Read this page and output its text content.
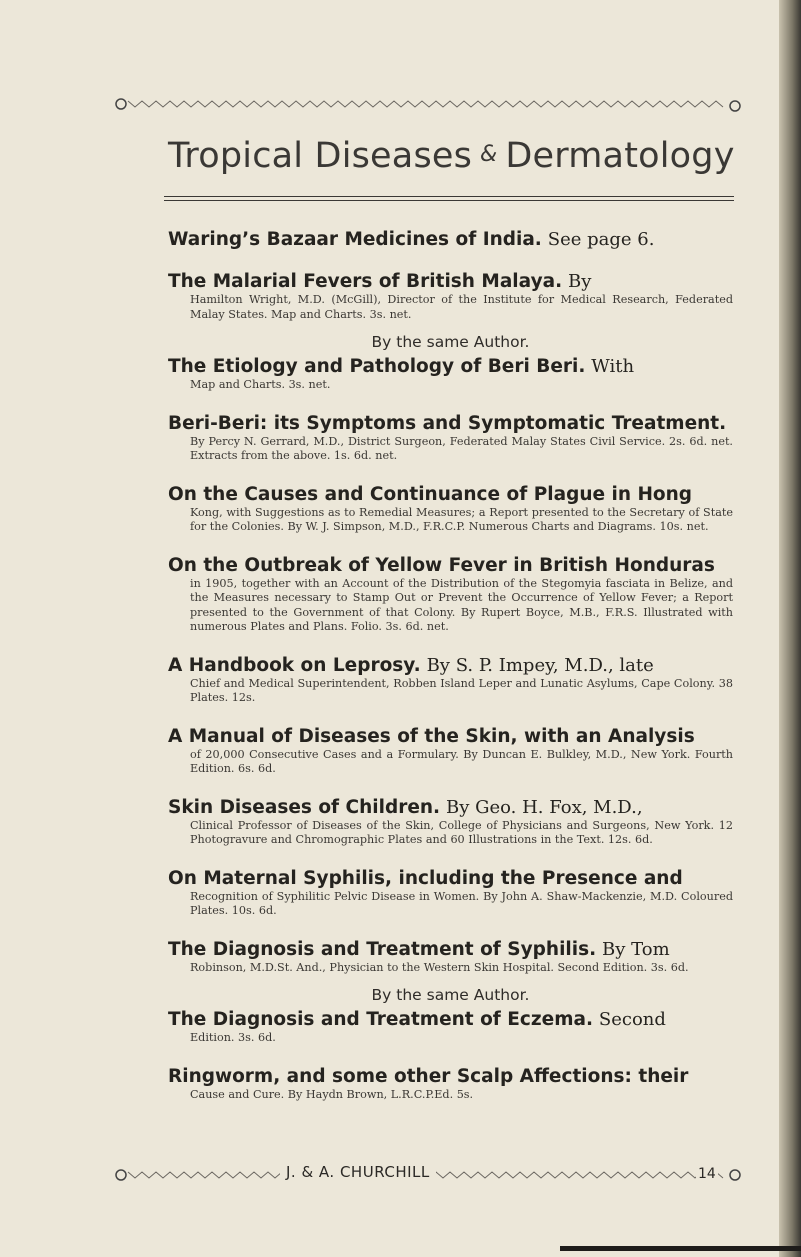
Tropical Diseases & Dermatology

Waring’s Bazaar Medicines of India. See page 6.

The Malarial Fevers of British Malaya. By

Hamilton Wright, M.D. (McGill), Director of the Institute for Medical Research, Federated Malay States. Map and Charts. 3s. net.

By the same Author.

The Etiology and Pathology of Beri Beri. With

Map and Charts. 3s. net.

Beri-Beri: its Symptoms and Symptomatic Treatment.

By Percy N. Gerrard, M.D., District Surgeon, Federated Malay States Civil Service. 2s. 6d. net. Extracts from the above. 1s. 6d. net.

On the Causes and Continuance of Plague in Hong

Kong, with Suggestions as to Remedial Measures; a Report presented to the Secretary of State for the Colonies. By W. J. Simpson, M.D., F.R.C.P. Numerous Charts and Diagrams. 10s. net.

On the Outbreak of Yellow Fever in British Honduras

in 1905, together with an Account of the Distribution of the Stegomyia fasciata in Belize, and the Measures necessary to Stamp Out or Prevent the Occurrence of Yellow Fever; a Report presented to the Government of that Colony. By Rupert Boyce, M.B., F.R.S. Illustrated with numerous Plates and Plans. Folio. 3s. 6d. net.

A Handbook on Leprosy. By S. P. Impey, M.D., late

Chief and Medical Superintendent, Robben Island Leper and Lunatic Asylums, Cape Colony. 38 Plates. 12s.

A Manual of Diseases of the Skin, with an Analysis

of 20,000 Consecutive Cases and a Formulary. By Duncan E. Bulkley, M.D., New York. Fourth Edition. 6s. 6d.

Skin Diseases of Children. By Geo. H. Fox, M.D.,

Clinical Professor of Diseases of the Skin, College of Physicians and Surgeons, New York. 12 Photogravure and Chromographic Plates and 60 Illustrations in the Text. 12s. 6d.

On Maternal Syphilis, including the Presence and

Recognition of Syphilitic Pelvic Disease in Women. By John A. Shaw-Mackenzie, M.D. Coloured Plates. 10s. 6d.

The Diagnosis and Treatment of Syphilis. By Tom

Robinson, M.D.St. And., Physician to the Western Skin Hospital. Second Edition. 3s. 6d.

By the same Author.

The Diagnosis and Treatment of Eczema. Second

Edition. 3s. 6d.

Ringworm, and some other Scalp Affections: their

Cause and Cure. By Haydn Brown, L.R.C.P.Ed. 5s.

J. & A. CHURCHILL	14
